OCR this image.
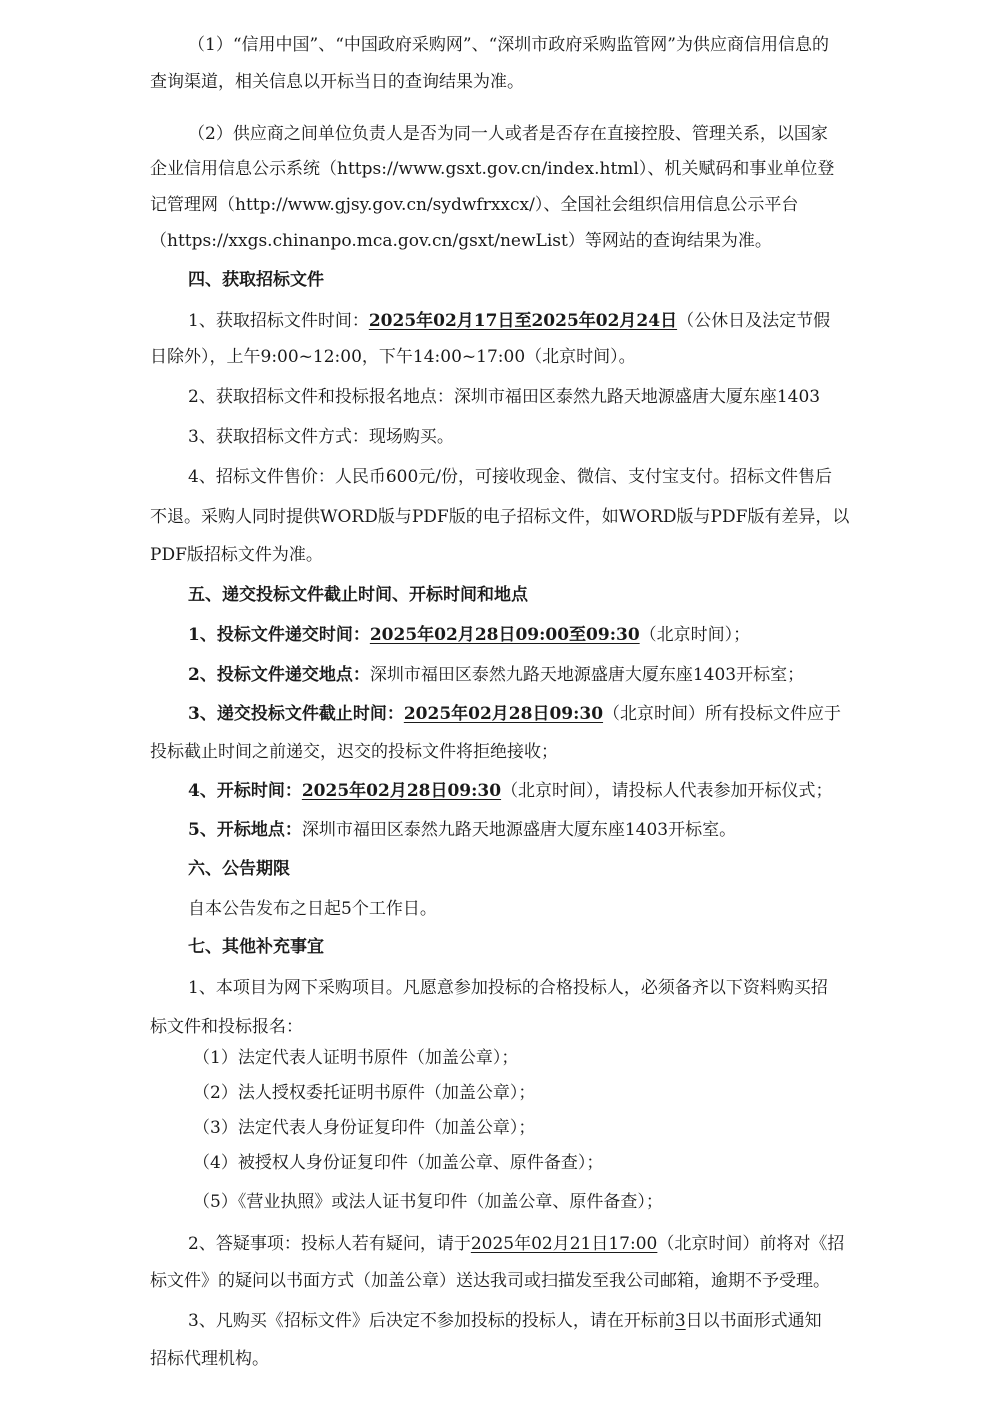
（1）“信用中国”、“中国政府采购网”、“深圳市政府采购监管网”为供应商信用信息的
查询渠道，相关信息以开标当日的查询结果为准。
（2）供应商之间单位负责人是否为同一人或者是否存在直接控股、管理关系，以国家
企业信用信息公示系统（https://www.gsxt.gov.cn/index.html）、机关赋码和事业单位登
记管理网（http://www.gjsy.gov.cn/sydwfrxxcx/）、全国社会组织信用信息公示平台
（https://xxgs.chinanpo.mca.gov.cn/gsxt/newList）等网站的查询结果为准。
四、获取招标文件
1、获取招标文件时间：2025年02月17日至2025年02月24日（公休日及法定节假
日除外），上午9:00~12:00，下午14:00~17:00（北京时间）。
2、获取招标文件和投标报名地点：深圳市福田区泰然九路天地源盛唐大厦东座1403
3、获取招标文件方式：现场购买。
4、招标文件售价：人民币600元/份，可接收现金、微信、支付宝支付。招标文件售后
不退。采购人同时提供WORD版与PDF版的电子招标文件，如WORD版与PDF版有差异，以
PDF版招标文件为准。
五、递交投标文件截止时间、开标时间和地点
1、投标文件递交时间：2025年02月28日09:00至09:30（北京时间）；
2、投标文件递交地点：深圳市福田区泰然九路天地源盛唐大厦东座1403开标室；
3、递交投标文件截止时间：2025年02月28日09:30（北京时间）所有投标文件应于
投标截止时间之前递交，迟交的投标文件将拒绝接收；
4、开标时间：2025年02月28日09:30（北京时间），请投标人代表参加开标仪式；
5、开标地点：深圳市福田区泰然九路天地源盛唐大厦东座1403开标室。
六、公告期限
自本公告发布之日起5个工作日。
七、其他补充事宜
1、本项目为网下采购项目。凡愿意参加投标的合格投标人，必须备齐以下资料购买招
标文件和投标报名：
（1）法定代表人证明书原件（加盖公章）；
（2）法人授权委托证明书原件（加盖公章）；
（3）法定代表人身份证复印件（加盖公章）；
（4）被授权人身份证复印件（加盖公章、原件备查）；
（5）《营业执照》或法人证书复印件（加盖公章、原件备查）；
2、答疑事项：投标人若有疑问，请于2025年02月21日17:00（北京时间）前将对《招
标文件》的疑问以书面方式（加盖公章）送达我司或扫描发至我公司邮箱，逾期不予受理。
3、凡购买《招标文件》后决定不参加投标的投标人，请在开标前3日以书面形式通知
招标代理机构。
